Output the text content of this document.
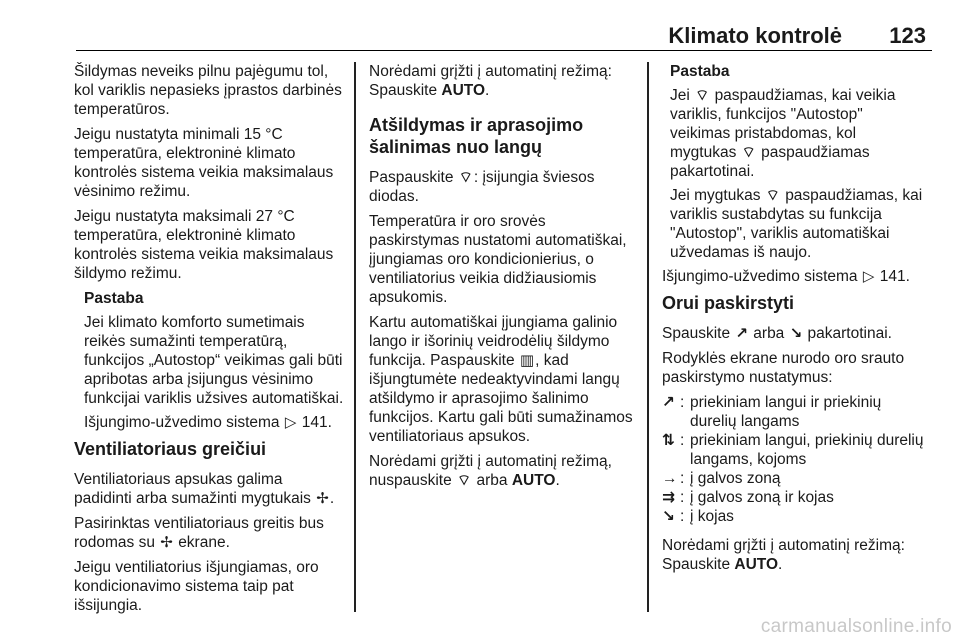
Klimato kontrolė 123

Šildymas neveiks pilnu pajėgumu tol, kol variklis nepasieks įprastos darbinės temperatūros.

Jeigu nustatyta minimali 15 °C temperatūra, elektroninė klimato kontrolės sistema veikia maksimalaus vėsinimo režimu.

Jeigu nustatyta maksimali 27 °C temperatūra, elektroninė klimato kontrolės sistema veikia maksimalaus šildymo režimu.

Pastaba

Jei klimato komforto sumetimais reikės sumažinti temperatūrą, funkcijos „Autostop“ veikimas gali būti apribotas arba įsijungus vėsinimo funkcijai variklis užsives automatiškai.

Išjungimo-užvedimo sistema ▷ 141.

Ventiliatoriaus greičiui

Ventiliatoriaus apsukas galima padidinti arba sumažinti mygtukais ✢.

Pasirinktas ventiliatoriaus greitis bus rodomas su ✢ ekrane.

Jeigu ventiliatorius išjungiamas, oro kondicionavimo sistema taip pat išsijungia.

Norėdami grįžti į automatinį režimą: Spauskite AUTO.

Atšildymas ir aprasojimo šalinimas nuo langų

Paspauskite ⌔: įsijungia šviesos diodas.

Temperatūra ir oro srovės paskirstymas nustatomi automatiškai, įjungiamas oro kondicionierius, o ventiliatorius veikia didžiausiomis apsukomis.

Kartu automatiškai įjungiama galinio lango ir išorinių veidrodėlių šildymo funkcija. Paspauskite ▥, kad išjungtumėte nedeaktyvindami langų atšildymo ir aprasojimo šalinimo funkcijos. Kartu gali būti sumažinamos ventiliatoriaus apsukos.

Norėdami grįžti į automatinį režimą, nuspauskite ⌔ arba AUTO.

Pastaba

Jei ⌔ paspaudžiamas, kai veikia variklis, funkcijos "Autostop" veikimas pristabdomas, kol mygtukas ⌔ paspaudžiamas pakartotinai.

Jei mygtukas ⌔ paspaudžiamas, kai variklis sustabdytas su funkcija "Autostop", variklis automatiškai užvedamas iš naujo.

Išjungimo-užvedimo sistema ▷ 141.

Orui paskirstyti

Spauskite ↗ arba ↘ pakartotinai.

Rodyklės ekrane nurodo oro srauto paskirstymo nustatymus:

↗ : priekiniam langui ir priekinių durelių langams
⇅ : priekiniam langui, priekinių durelių langams, kojoms
→ : į galvos zoną
⇉ : į galvos zoną ir kojas
↘ : į kojas

Norėdami grįžti į automatinį režimą: Spauskite AUTO.

carmanualsonline.info
